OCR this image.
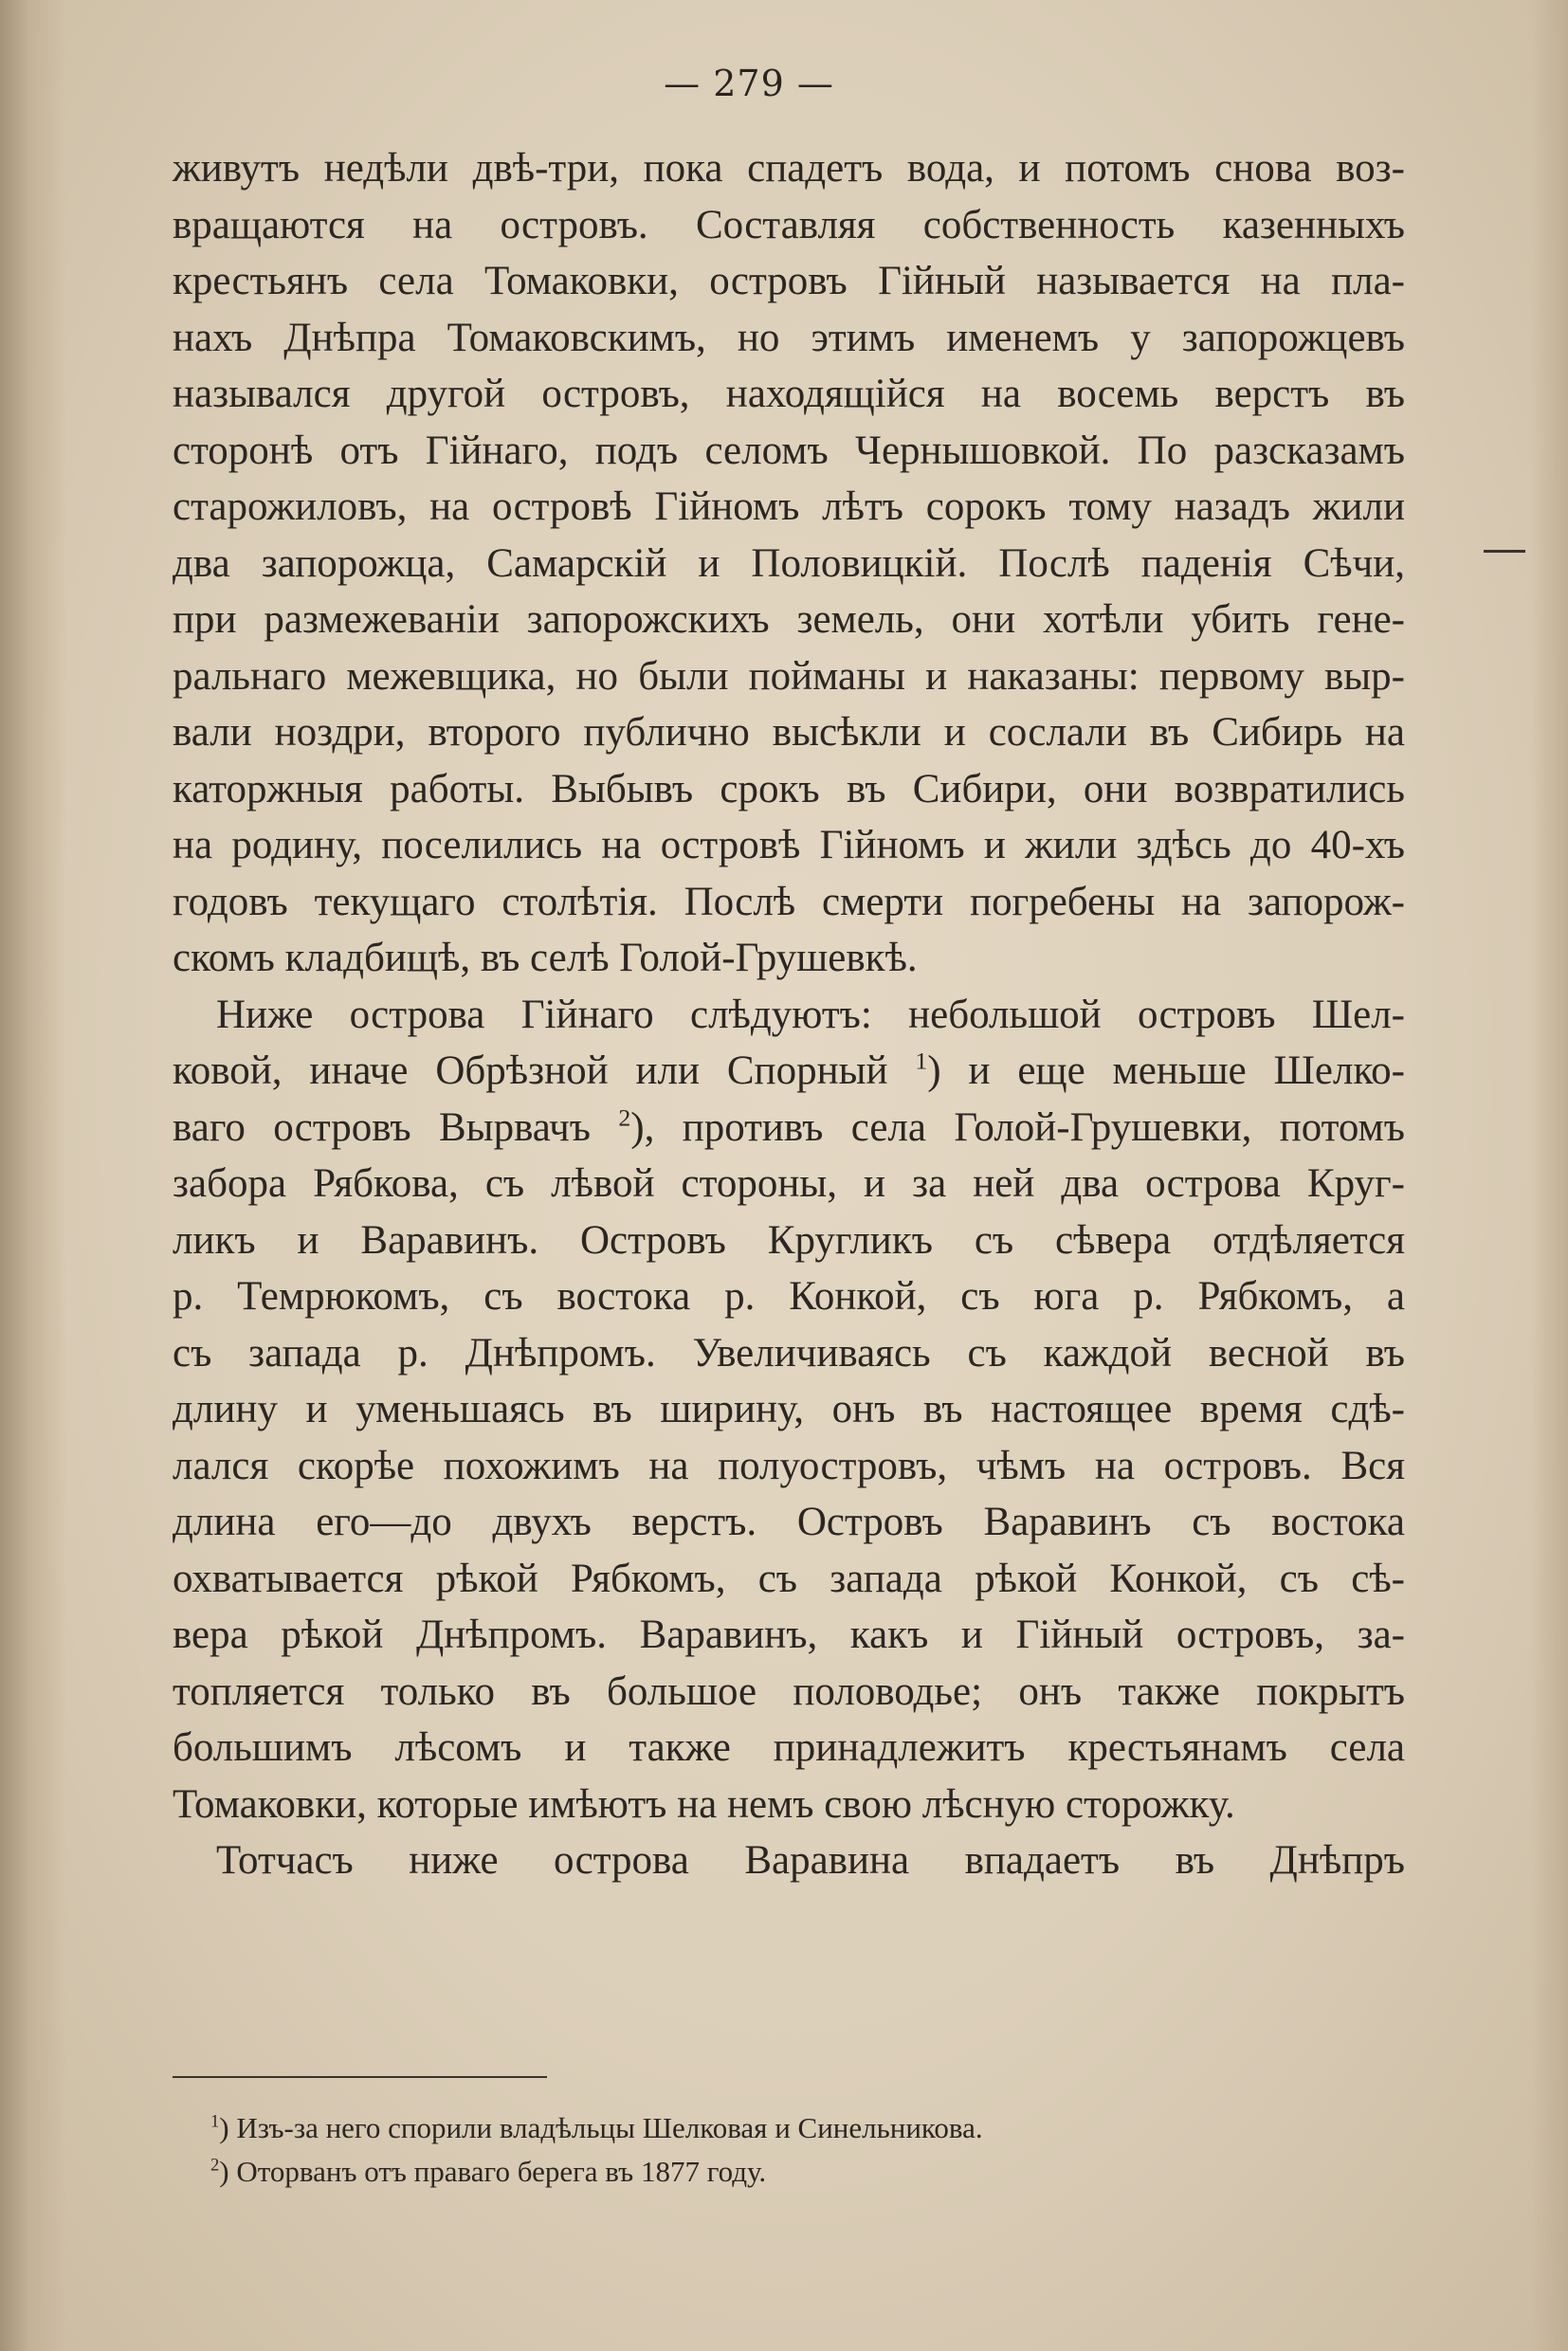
— 279 —

живутъ недѣли двѣ-три, пока спадетъ вода, и потомъ снова воз-

вращаются на островъ. Составляя собственность казенныхъ

крестьянъ села Томаковки, островъ Гійный называется на пла-

нахъ Днѣпра Томаковскимъ, но этимъ именемъ у запорожцевъ

назывался другой островъ, находящійся на восемь верстъ въ

сторонѣ отъ Гійнаго, подъ селомъ Чернышовкой. По разсказамъ

старожиловъ, на островѣ Гійномъ лѣтъ сорокъ тому назадъ жили

два запорожца, Самарскій и Половицкій. Послѣ паденія Сѣчи,

при размежеваніи запорожскихъ земель, они хотѣли убить гене-

ральнаго межевщика, но были пойманы и наказаны: первому выр-

вали ноздри, второго публично высѣкли и сослали въ Сибирь на

каторжныя работы. Выбывъ срокъ въ Сибири, они возвратились

на родину, поселились на островѣ Гійномъ и жили здѣсь до 40-хъ

годовъ текущаго столѣтія. Послѣ смерти погребены на запорож-

скомъ кладбищѣ, въ селѣ Голой-Грушевкѣ.

Ниже острова Гійнаго слѣдуютъ: небольшой островъ Шел-

ковой, иначе Обрѣзной или Спорный $^1$) и еще меньше Шелко-

ваго островъ Вырвачъ $^2$), противъ села Голой-Грушевки, потомъ

забора Рябкова, съ лѣвой стороны, и за ней два острова Круг-

ликъ и Варавинъ. Островъ Кругликъ съ сѣвера отдѣляется

р. Темрюкомъ, съ востока р. Конкой, съ юга р. Рябкомъ, а

съ запада р. Днѣпромъ. Увеличиваясь съ каждой весной въ

длину и уменьшаясь въ ширину, онъ въ настоящее время сдѣ-

лался скорѣе похожимъ на полуостровъ, чѣмъ на островъ. Вся

длина его—до двухъ верстъ. Островъ Варавинъ съ востока

охватывается рѣкой Рябкомъ, съ запада рѣкой Конкой, съ сѣ-

вера рѣкой Днѣпромъ. Варавинъ, какъ и Гійный островъ, за-

топляется только въ большое половодье; онъ также покрытъ

большимъ лѣсомъ и также принадлежитъ крестьянамъ села

Томаковки, которые имѣютъ на немъ свою лѣсную сторожку.

Тотчасъ ниже острова Варавина впадаетъ въ Днѣпръ

$^1$) Изъ-за него спорили владѣльцы Шелковая и Синельникова.

$^2$) Оторванъ отъ праваго берега въ 1877 году.
